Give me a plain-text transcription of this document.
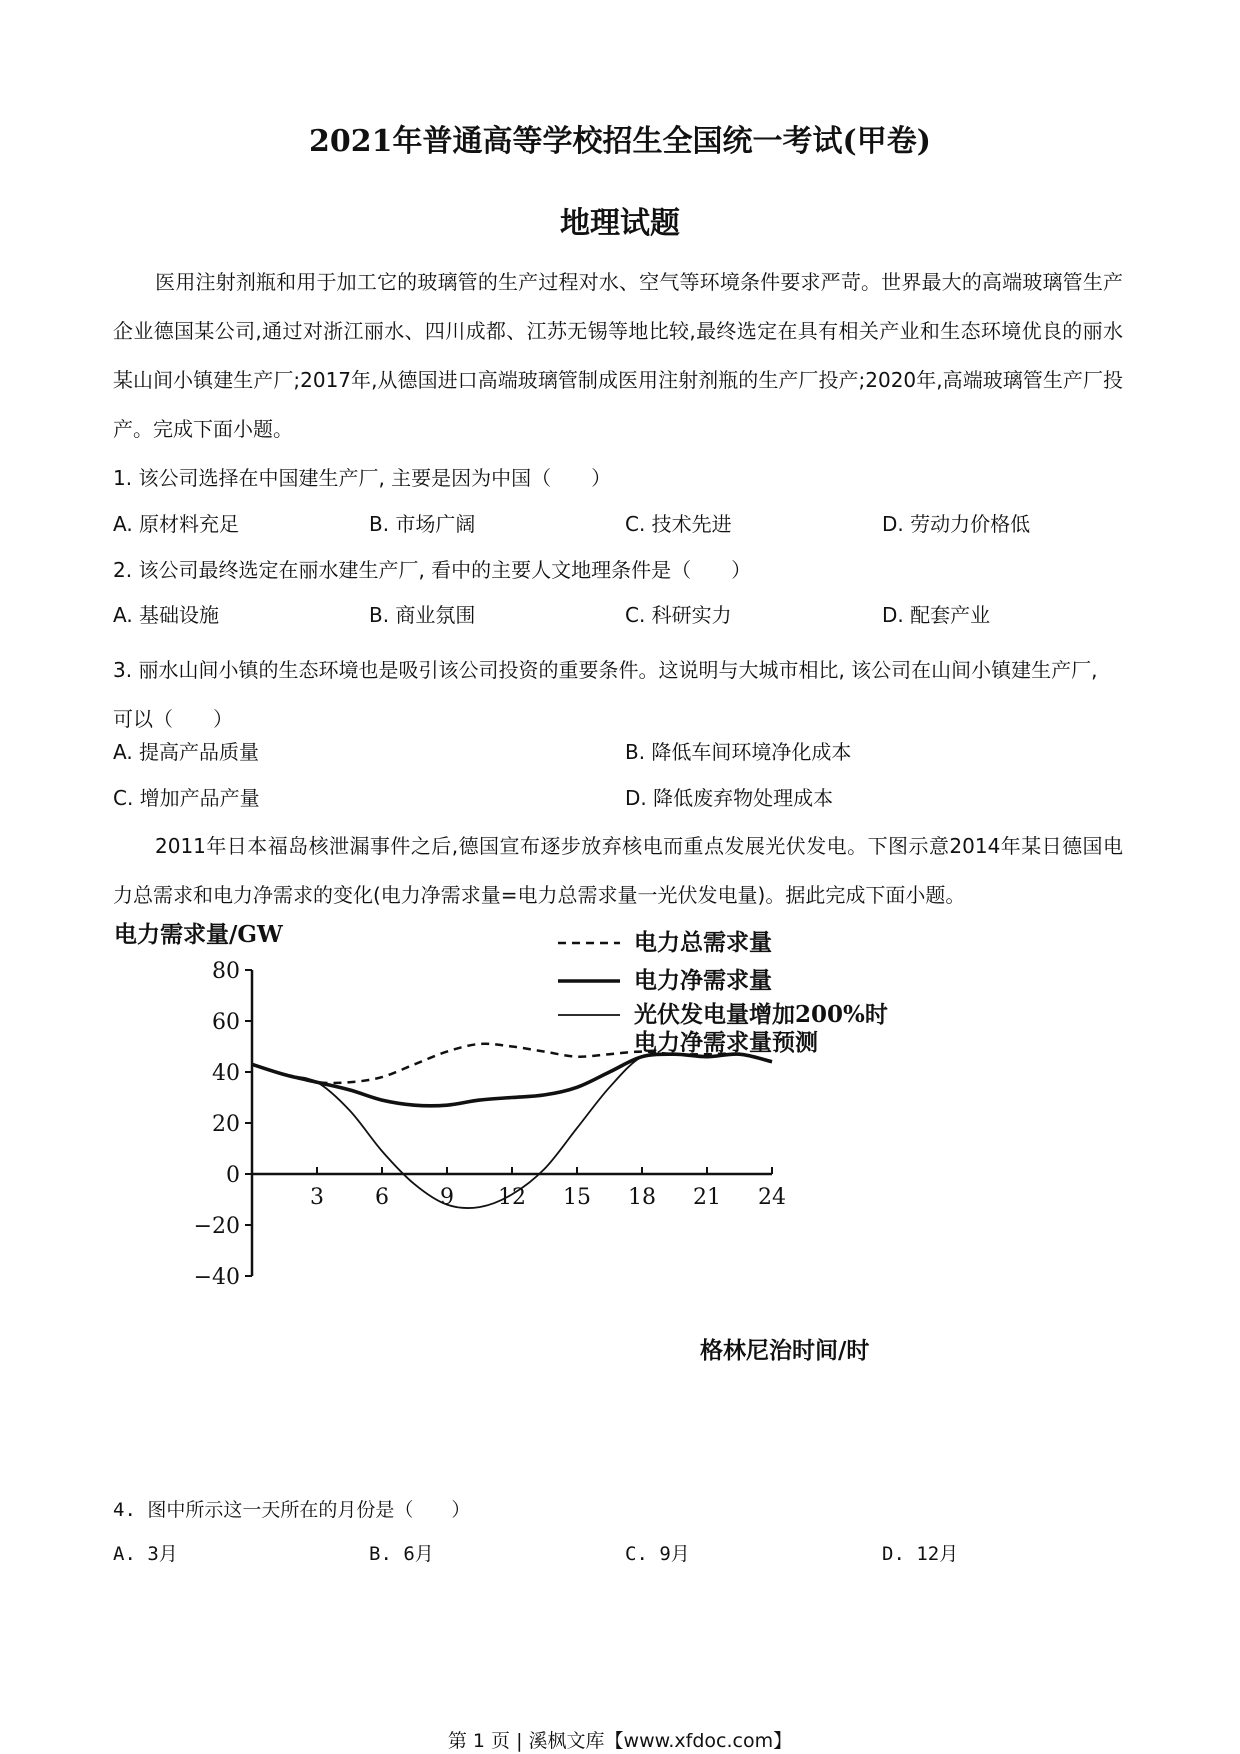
2021年普通高等学校招生全国统一考试(甲卷)
地理试题

医用注射剂瓶和用于加工它的玻璃管的生产过程对水、空气等环境条件要求严苛。世界最大的高端玻璃管生产企业德国某公司,通过对浙江丽水、四川成都、江苏无锡等地比较,最终选定在具有相关产业和生态环境优良的丽水某山间小镇建生产厂;2017年,从德国进口高端玻璃管制成医用注射剂瓶的生产厂投产;2020年,高端玻璃管生产厂投产。完成下面小题。

1. 该公司选择在中国建生产厂, 主要是因为中国（　　）

A. 原材料充足	B. 市场广阔	C. 技术先进	D. 劳动力价格低

2. 该公司最终选定在丽水建生产厂, 看中的主要人文地理条件是（　　）

A. 基础设施	B. 商业氛围	C. 科研实力	D. 配套产业

3. 丽水山间小镇的生态环境也是吸引该公司投资的重要条件。这说明与大城市相比, 该公司在山间小镇建生产厂, 可以（　　）

A. 提高产品质量	B. 降低车间环境净化成本

C. 增加产品产量	D. 降低废弃物处理成本

2011年日本福岛核泄漏事件之后,德国宣布逐步放弃核电而重点发展光伏发电。下图示意2014年某日德国电力总需求和电力净需求的变化(电力净需求量=电力总需求量一光伏发电量)。据此完成下面小题。

电力需求量/GW
80
60
40
20
0
−20
−40
3 6 9 12 15 18 21 24
电力总需求量
电力净需求量
光伏发电量增加200%时电力净需求量预测
格林尼治时间/时

4. 图中所示这一天所在的月份是（　　）

A. 3月	B. 6月	C. 9月	D. 12月

第 1 页 | 溪枫文库【www.xfdoc.com】
